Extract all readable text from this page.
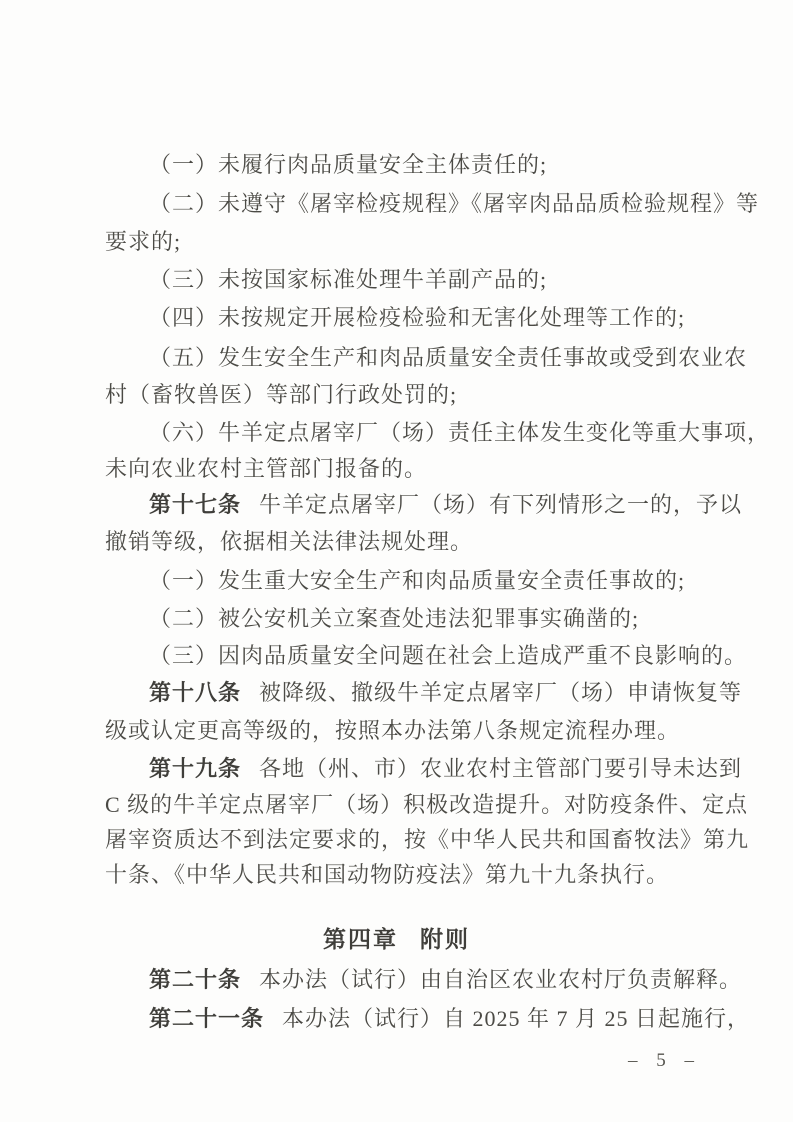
（一）未履行肉品质量安全主体责任的;
（二）未遵守《屠宰检疫规程》《屠宰肉品品质检验规程》等
要求的;
（三）未按国家标准处理牛羊副产品的;
（四）未按规定开展检疫检验和无害化处理等工作的;
（五）发生安全生产和肉品质量安全责任事故或受到农业农
村（畜牧兽医）等部门行政处罚的;
（六）牛羊定点屠宰厂（场）责任主体发生变化等重大事项，
未向农业农村主管部门报备的。
第十七条 牛羊定点屠宰厂（场）有下列情形之一的，予以
撤销等级，依据相关法律法规处理。
（一）发生重大安全生产和肉品质量安全责任事故的;
（二）被公安机关立案查处违法犯罪事实确凿的;
（三）因肉品质量安全问题在社会上造成严重不良影响的。
第十八条 被降级、撤级牛羊定点屠宰厂（场）申请恢复等
级或认定更高等级的，按照本办法第八条规定流程办理。
第十九条 各地（州、市）农业农村主管部门要引导未达到
C 级的牛羊定点屠宰厂（场）积极改造提升。对防疫条件、定点
屠宰资质达不到法定要求的，按《中华人民共和国畜牧法》第九
十条、《中华人民共和国动物防疫法》第九十九条执行。
第四章 附则
第二十条 本办法（试行）由自治区农业农村厅负责解释。
第二十一条 本办法（试行）自 2025 年 7 月 25 日起施行，
– 5 –
